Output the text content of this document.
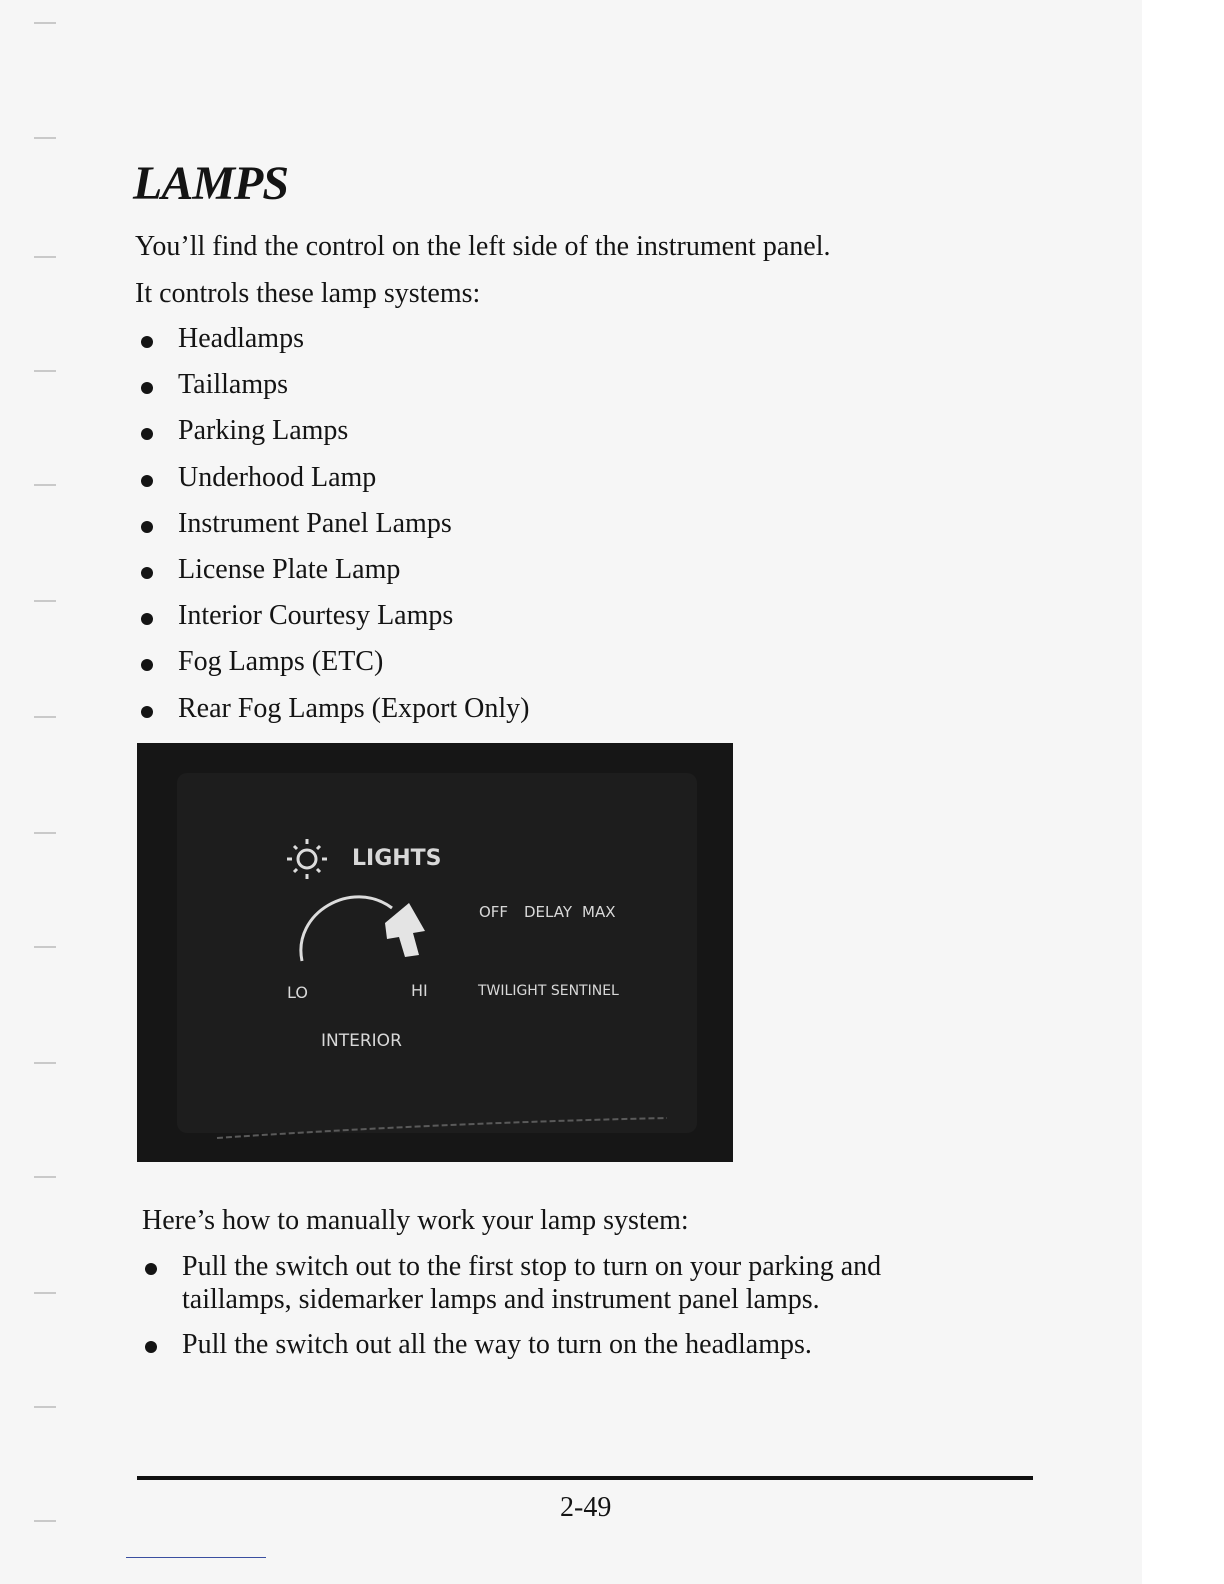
LAMPS

You’ll find the control on the left side of the instrument panel.

It controls these lamp systems:

Headlamps
Taillamps
Parking Lamps
Underhood Lamp
Instrument Panel Lamps
License Plate Lamp
Interior Courtesy Lamps
Fog Lamps (ETC)
Rear Fog Lamps (Export Only)
LIGHTS
OFF DELAY MAX
LO	HI	TWILIGHT SENTINEL
INTERIOR

Here’s how to manually work your lamp system:

Pull the switch out to the first stop to turn on your parking and taillamps, sidemarker lamps and instrument panel lamps.
Pull the switch out all the way to turn on the headlamps.
2-49
